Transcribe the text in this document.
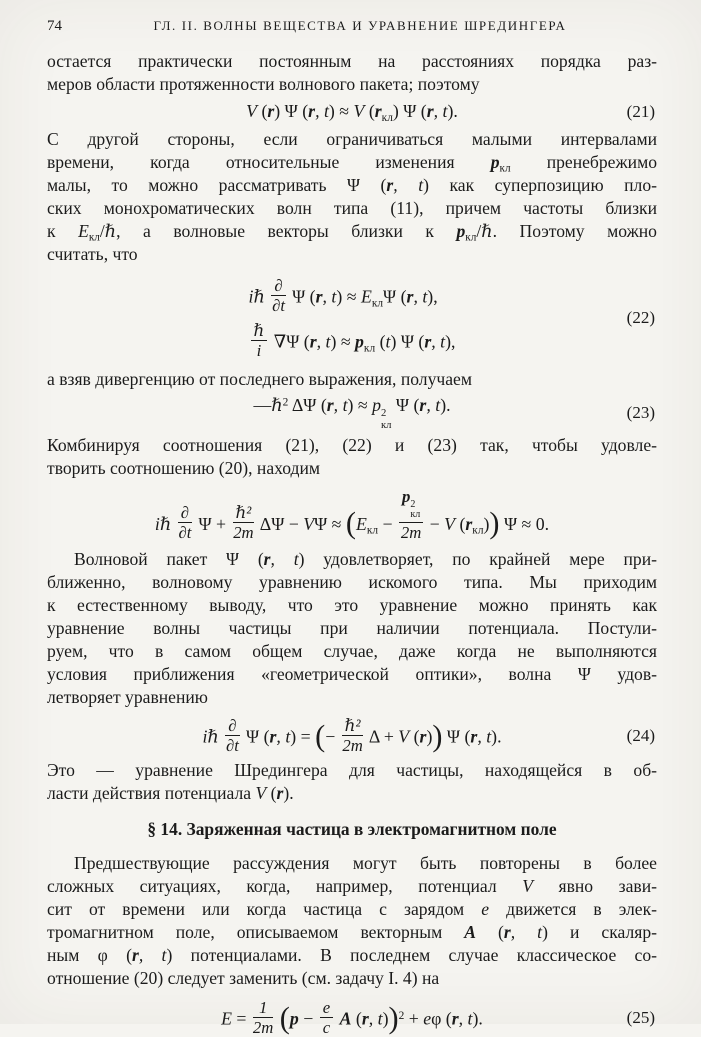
74	ГЛ. II. ВОЛНЫ ВЕЩЕСТВА И УРАВНЕНИЕ ШРЕДИНГЕРА

остается практически постоянным на расстояниях порядка раз-
меров области протяженности волнового пакета; поэтому

V (r) Ψ (r, t) ≈ V $(r_{кл})$ Ψ (r, t).	(21)

С другой стороны, если ограничиваться малыми интервалами
времени, когда относительные изменения $p_{кл}$ пренебрежимо
малы, то можно рассматривать Ψ (r, t) как суперпозицию пло-
ских монохроматических волн типа (11), причем частоты близки
к $E_{кл}/\hbar$, а волновые векторы близки к $p_{кл}/\hbar$. Поэтому можно
считать, что

iℏ $\frac{\partial}{\partial t}$ Ψ (r, $t) \approx E_{кл}\Psi$ (r, t),
$\frac{\text{ℏ}}{i} \nabla\Psi$ (r, $t) \approx p_{кл}$ (t) Ψ (r, t),
(22)

а взяв дивергенцию от последнего выражения, получаем

—ℏ$^2$ ΔΨ (r, t) ≈ p 2
кл
Ψ (r, t).	(23)

Комбинируя соотношения (21), (22) и (23) так, чтобы удовле-
творить соотношению (20), находим

iℏ $\frac{\partial}{\partial t}$ $\Psi + \frac{\text{ℏ²}}{2m}$ $\Delta\Psi - V\Psi \approx (E_{кл} - p$ 2
кл
2m − V $(r_{кл})$) Ψ ≈ 0.

Волновой пакет Ψ (r, t) удовлетворяет, по крайней мере при-
ближенно, волновому уравнению искомого типа. Мы приходим
к естественному выводу, что это уравнение можно принять как
уравнение волны частицы при наличии потенциала. Постули-
руем, что в самом общем случае, даже когда не выполняются
условия приближения «геометрической оптики», волна Ψ удов-
летворяет уравнению

iℏ $\frac{\partial}{\partial t}$ Ψ (r, t) = (− $\frac{\text{ℏ²}}{2m}$ Δ + V (r)) Ψ (r, t).	(24)

Это — уравнение Шредингера для частицы, находящейся в об-
ласти действия потенциала V (r).

§ 14. Заряженная частица в электромагнитном поле

Предшествующие рассуждения могут быть повторены в более
сложных ситуациях, когда, например, потенциал V явно зави-
сит от времени или когда частица с зарядом e движется в элек-
тромагнитном поле, описываемом векторным A (r, t) и скаляр-
ным φ (r, t) потенциалами. В последнем случае классическое со-
отношение (20) следует заменить (см. задачу I. 4) на

$E = \frac{1}{2m} (p - \frac{e}{c}$ A (r, t))$^2$ + eφ (r, t).	(25)
